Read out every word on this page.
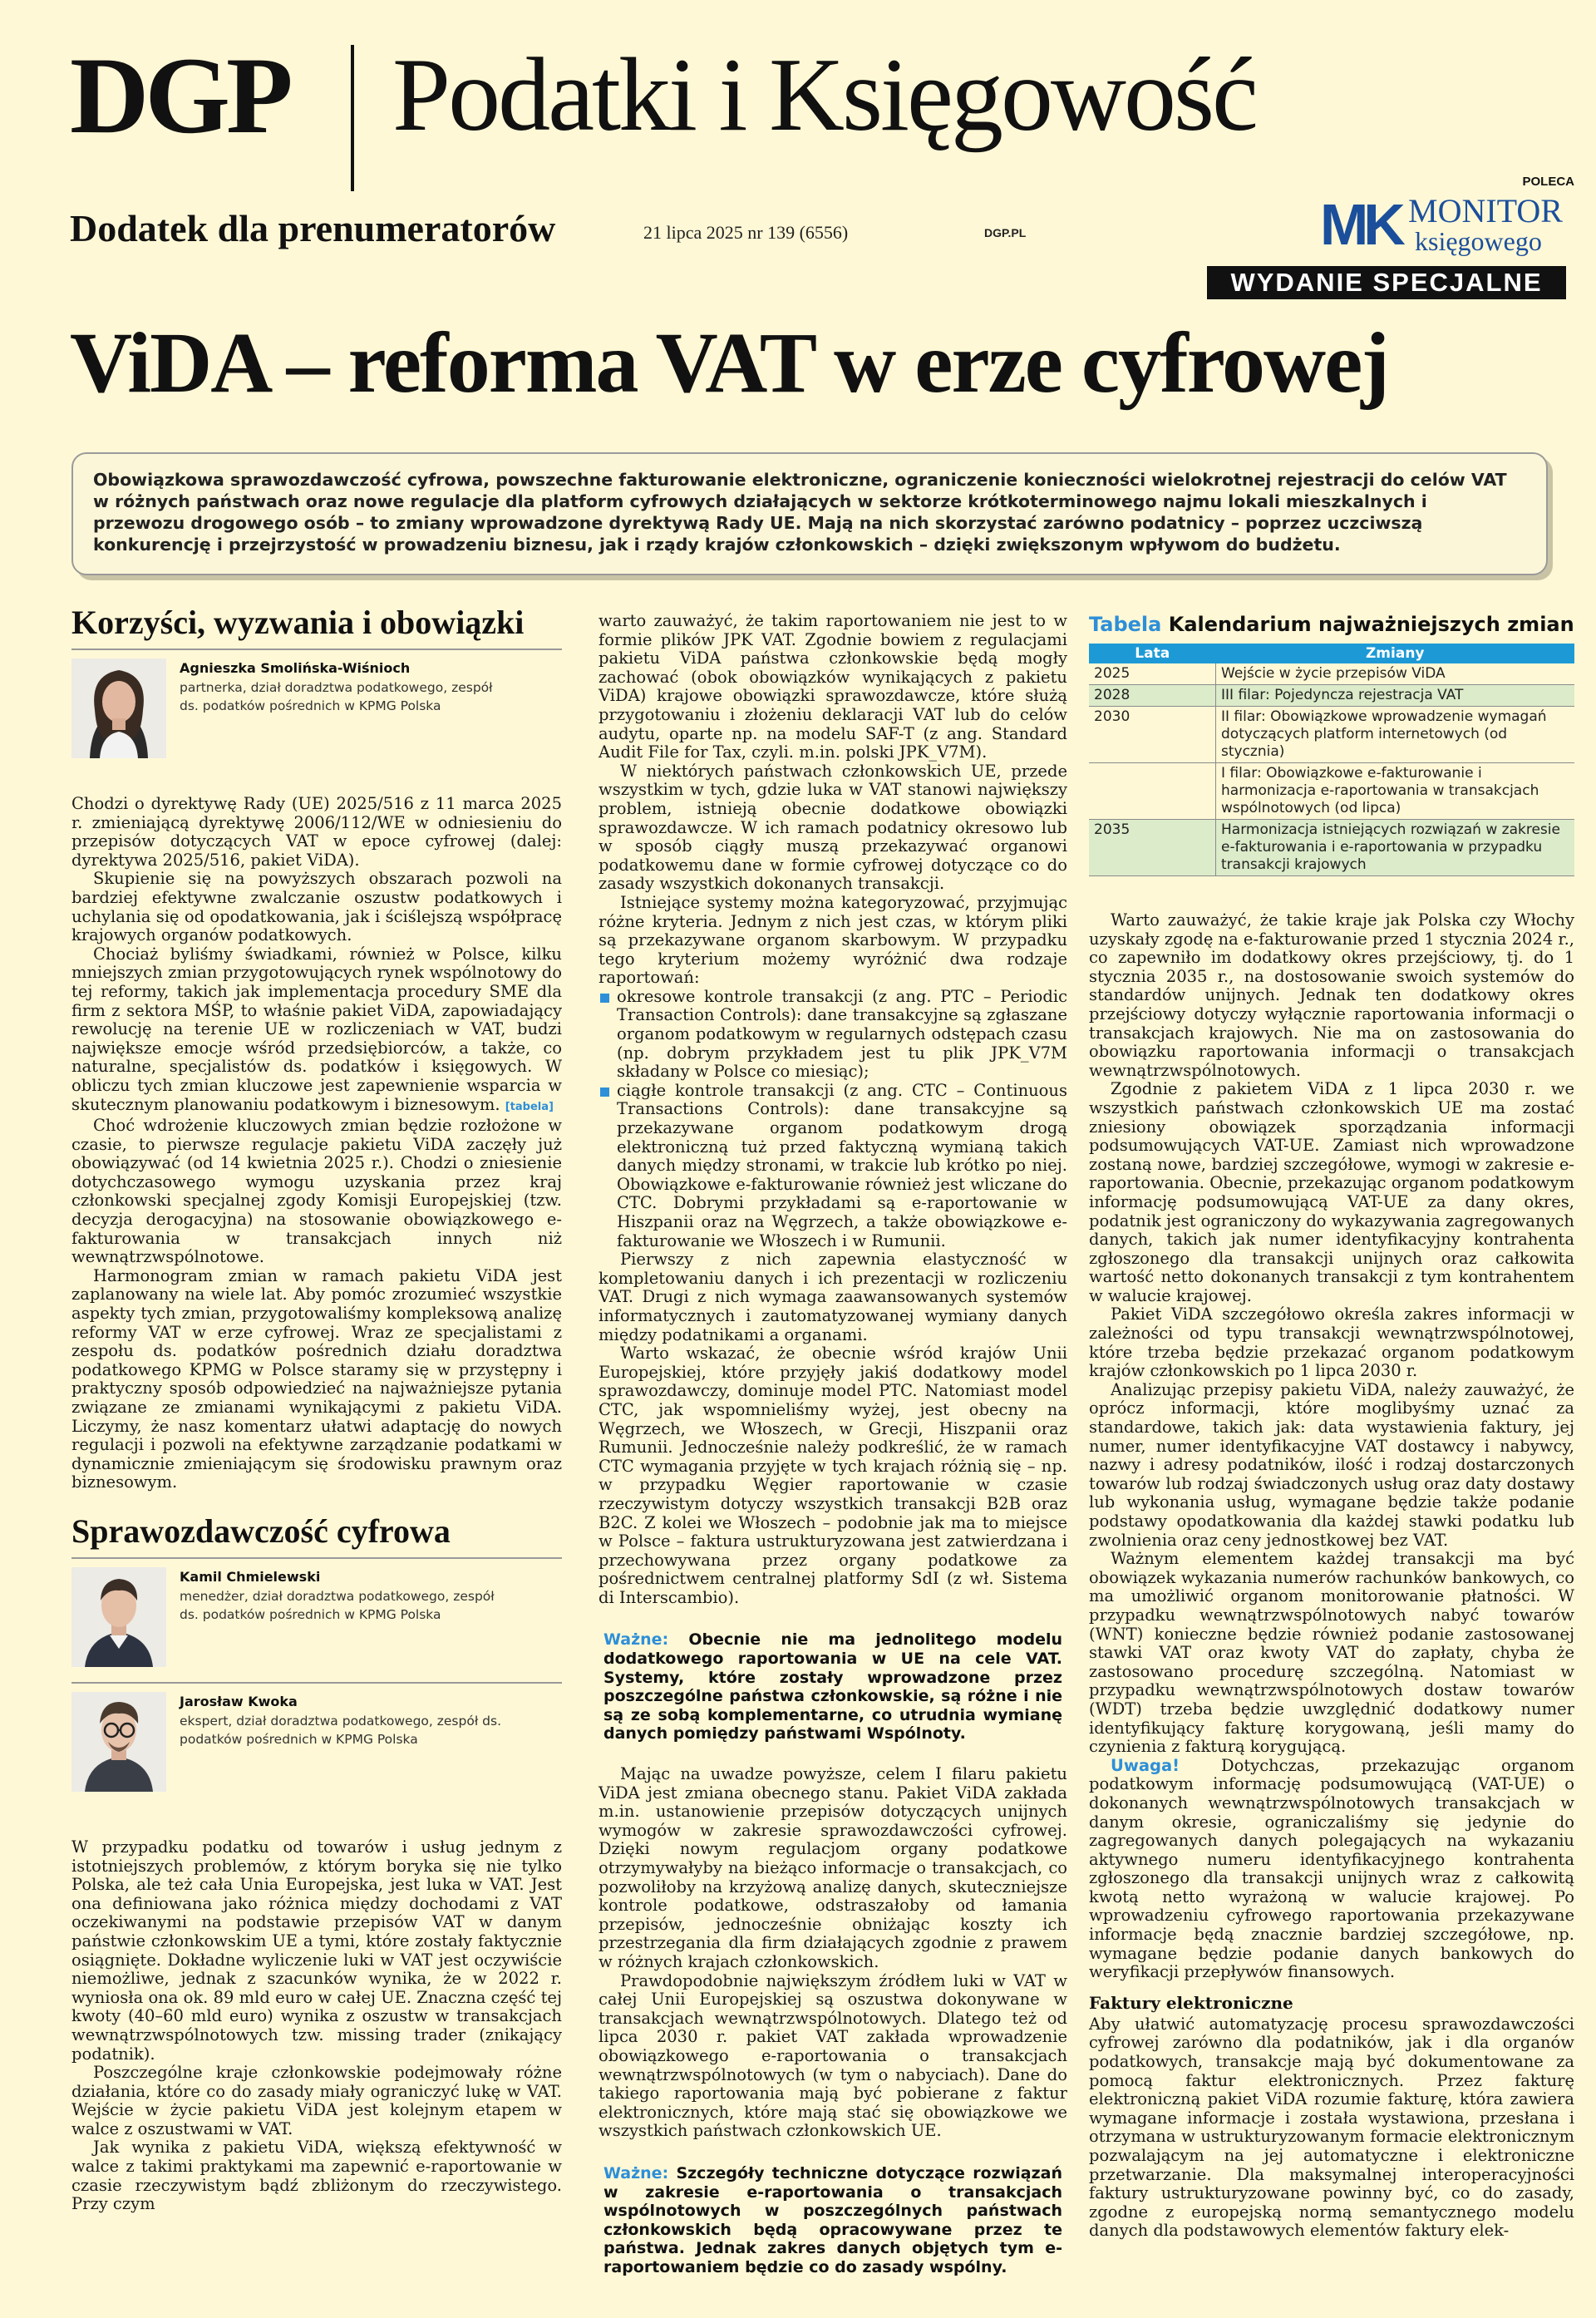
DGP Podatki i Księgowość
Dodatek dla prenumeratorów	21 lipca 2025 nr 139 (6556)	DGP.PL
POLECA
MK MONITOR
księgowego
WYDANIE SPECJALNE
ViDA – reforma VAT w erze cyfrowej

Obowiązkowa sprawozdawczość cyfrowa, powszechne fakturowanie elektroniczne, ograniczenie konieczności wielokrotnej rejestracji do celów VAT w różnych państwach oraz nowe regulacje dla platform cyfrowych działających w sektorze krótkoterminowego najmu lokali mieszkalnych i przewozu drogowego osób – to zmiany wprowadzone dyrektywą Rady UE. Mają na nich skorzystać zarówno podatnicy – poprzez uczciwszą konkurencję i przejrzystość w prowadzeniu biznesu, jak i rządy krajów członkowskich – dzięki zwiększonym wpływom do budżetu.

Korzyści, wyzwania i obowiązki
Agnieszka Smolińska-Wiśnioch
partnerka, dział doradztwa podatkowego, zespół ds. podatków pośrednich w KPMG Polska

Chodzi o dyrektywę Rady (UE) 2025/516 z 11 marca 2025 r. zmieniającą dyrektywę 2006/112/WE w odniesieniu do przepisów dotyczących VAT w epoce cyfrowej (dalej: dyrektywa 2025/516, pakiet ViDA).

Skupienie się na powyższych obszarach pozwoli na bardziej efektywne zwalczanie oszustw podatkowych i uchylania się od opodatkowania, jak i ściślejszą współpracę krajowych organów podatkowych.

Chociaż byliśmy świadkami, również w Polsce, kilku mniejszych zmian przygotowujących rynek wspólnotowy do tej reformy, takich jak implementacja procedury SME dla firm z sektora MŚP, to właśnie pakiet ViDA, zapowiadający rewolucję na terenie UE w rozliczeniach w VAT, budzi największe emocje wśród przedsiębiorców, a także, co naturalne, specjalistów ds. podatków i księgowych. W obliczu tych zmian kluczowe jest zapewnienie wsparcia w skutecznym planowaniu podatkowym i biznesowym. [tabela]

Choć wdrożenie kluczowych zmian będzie rozłożone w czasie, to pierwsze regulacje pakietu ViDA zaczęły już obowiązywać (od 14 kwietnia 2025 r.). Chodzi o zniesienie dotychczasowego wymogu uzyskania przez kraj członkowski specjalnej zgody Komisji Europejskiej (tzw. decyzja derogacyjna) na stosowanie obowiązkowego e-fakturowania w transakcjach innych niż wewnątrzwspólnotowe.

Harmonogram zmian w ramach pakietu ViDA jest zaplanowany na wiele lat. Aby pomóc zrozumieć wszystkie aspekty tych zmian, przygotowaliśmy kompleksową analizę reformy VAT w erze cyfrowej. Wraz ze specjalistami z zespołu ds. podatków pośrednich działu doradztwa podatkowego KPMG w Polsce staramy się w przystępny i praktyczny sposób odpowiedzieć na najważniejsze pytania związane ze zmianami wynikającymi z pakietu ViDA. Liczymy, że nasz komentarz ułatwi adaptację do nowych regulacji i pozwoli na efektywne zarządzanie podatkami w dynamicznie zmieniającym się środowisku prawnym oraz biznesowym.

Sprawozdawczość cyfrowa
Kamil Chmielewski
menedżer, dział doradztwa podatkowego, zespół ds. podatków pośrednich w KPMG Polska
Jarosław Kwoka
ekspert, dział doradztwa podatkowego, zespół ds. podatków pośrednich w KPMG Polska

W przypadku podatku od towarów i usług jednym z istotniejszych problemów, z którym boryka się nie tylko Polska, ale też cała Unia Europejska, jest luka w VAT. Jest ona definiowana jako różnica między dochodami z VAT oczekiwanymi na podstawie przepisów VAT w danym państwie członkowskim UE a tymi, które zostały faktycznie osiągnięte. Dokładne wyliczenie luki w VAT jest oczywiście niemożliwe, jednak z szacunków wynika, że w 2022 r. wyniosła ona ok. 89 mld euro w całej UE. Znaczna część tej kwoty (40–60 mld euro) wynika z oszustw w transakcjach wewnątrzwspólnotowych tzw. missing trader (znikający podatnik).

Poszczególne kraje członkowskie podejmowały różne działania, które co do zasady miały ograniczyć lukę w VAT. Wejście w życie pakietu ViDA jest kolejnym etapem w walce z oszustwami w VAT.

Jak wynika z pakietu ViDA, większą efektywność w walce z takimi praktykami ma zapewnić e-raportowanie w czasie rzeczywistym bądź zbliżonym do rzeczywistego. Przy czym

warto zauważyć, że takim raportowaniem nie jest to w formie plików JPK VAT. Zgodnie bowiem z regulacjami pakietu ViDA państwa członkowskie będą mogły zachować (obok obowiązków wynikających z pakietu ViDA) krajowe obowiązki sprawozdawcze, które służą przygotowaniu i złożeniu deklaracji VAT lub do celów audytu, oparte np. na modelu SAF-T (z ang. Standard Audit File for Tax, czyli. m.in. polski JPK_V7M).

W niektórych państwach członkowskich UE, przede wszystkim w tych, gdzie luka w VAT stanowi największy problem, istnieją obecnie dodatkowe obowiązki sprawozdawcze. W ich ramach podatnicy okresowo lub w sposób ciągły muszą przekazywać organowi podatkowemu dane w formie cyfrowej dotyczące co do zasady wszystkich dokonanych transakcji.

Istniejące systemy można kategoryzować, przyjmując różne kryteria. Jednym z nich jest czas, w którym pliki są przekazywane organom skarbowym. W przypadku tego kryterium możemy wyróżnić dwa rodzaje raportowań:

okresowe kontrole transakcji (z ang. PTC – Periodic Transaction Controls): dane transakcyjne są zgłaszane organom podatkowym w regularnych odstępach czasu (np. dobrym przykładem jest tu plik JPK_V7M składany w Polsce co miesiąc);
ciągłe kontrole transakcji (z ang. CTC – Continuous Transactions Controls): dane transakcyjne są przekazywane organom podatkowym drogą elektroniczną tuż przed faktyczną wymianą takich danych między stronami, w trakcie lub krótko po niej. Obowiązkowe e-fakturowanie również jest wliczane do CTC. Dobrymi przykładami są e-raportowanie w Hiszpanii oraz na Węgrzech, a także obowiązkowe e-fakturowanie we Włoszech i w Rumunii.

Pierwszy z nich zapewnia elastyczność w kompletowaniu danych i ich prezentacji w rozliczeniu VAT. Drugi z nich wymaga zaawansowanych systemów informatycznych i zautomatyzowanej wymiany danych między podatnikami a organami.

Warto wskazać, że obecnie wśród krajów Unii Europejskiej, które przyjęły jakiś dodatkowy model sprawozdawczy, dominuje model PTC. Natomiast model CTC, jak wspomnieliśmy wyżej, jest obecny na Węgrzech, we Włoszech, w Grecji, Hiszpanii oraz Rumunii. Jednocześnie należy podkreślić, że w ramach CTC wymagania przyjęte w tych krajach różnią się – np. w przypadku Węgier raportowanie w czasie rzeczywistym dotyczy wszystkich transakcji B2B oraz B2C. Z kolei we Włoszech – podobnie jak ma to miejsce w Polsce – faktura ustrukturyzowana jest zatwierdzana i przechowywana przez organy podatkowe za pośrednictwem centralnej platformy SdI (z wł. Sistema di Interscambio).

Ważne: Obecnie nie ma jednolitego modelu dodatkowego raportowania w UE na cele VAT. Systemy, które zostały wprowadzone przez poszczególne państwa członkowskie, są różne i nie są ze sobą komplementarne, co utrudnia wymianę danych pomiędzy państwami Wspólnoty.

Mając na uwadze powyższe, celem I filaru pakietu ViDA jest zmiana obecnego stanu. Pakiet ViDA zakłada m.in. ustanowienie przepisów dotyczących unijnych wymogów w zakresie sprawozdawczości cyfrowej. Dzięki nowym regulacjom organy podatkowe otrzymywałyby na bieżąco informacje o transakcjach, co pozwoliłoby na krzyżową analizę danych, skuteczniejsze kontrole podatkowe, odstraszałoby od łamania przepisów, jednocześnie obniżając koszty ich przestrzegania dla firm działających zgodnie z prawem w różnych krajach członkowskich.

Prawdopodobnie największym źródłem luki w VAT w całej Unii Europejskiej są oszustwa dokonywane w transakcjach wewnątrzwspólnotowych. Dlatego też od lipca 2030 r. pakiet VAT zakłada wprowadzenie obowiązkowego e-raportowania o transakcjach wewnątrzwspólnotowych (w tym o nabyciach). Dane do takiego raportowania mają być pobierane z faktur elektronicznych, które mają stać się obowiązkowe we wszystkich państwach członkowskich UE.

Ważne: Szczegóły techniczne dotyczące rozwiązań w zakresie e-raportowania o transakcjach wspólnotowych w poszczególnych państwach członkowskich będą opracowywane przez te państwa. Jednak zakres danych objętych tym e-raportowaniem będzie co do zasady wspólny.
Tabela Kalendarium najważniejszych zmian
Lata	Zmiany
2025	Wejście w życie przepisów ViDA
2028	III filar: Pojedyncza rejestracja VAT
2030	II filar: Obowiązkowe wprowadzenie wymagań dotyczących platform internetowych (od stycznia)
	I filar: Obowiązkowe e-fakturowanie i harmonizacja e-raportowania w transakcjach wspólnotowych (od lipca)
2035	Harmonizacja istniejących rozwiązań w zakresie e-fakturowania i e-raportowania w przypadku transakcji krajowych

Warto zauważyć, że takie kraje jak Polska czy Włochy uzyskały zgodę na e-fakturowanie przed 1 stycznia 2024 r., co zapewniło im dodatkowy okres przejściowy, tj. do 1 stycznia 2035 r., na dostosowanie swoich systemów do standardów unijnych. Jednak ten dodatkowy okres przejściowy dotyczy wyłącznie raportowania informacji o transakcjach krajowych. Nie ma on zastosowania do obowiązku raportowania informacji o transakcjach wewnątrzwspólnotowych.

Zgodnie z pakietem ViDA z 1 lipca 2030 r. we wszystkich państwach członkowskich UE ma zostać zniesiony obowiązek sporządzania informacji podsumowujących VAT-UE. Zamiast nich wprowadzone zostaną nowe, bardziej szczegółowe, wymogi w zakresie e-raportowania. Obecnie, przekazując organom podatkowym informację podsumowującą VAT-UE za dany okres, podatnik jest ograniczony do wykazywania zagregowanych danych, takich jak numer identyfikacyjny kontrahenta zgłoszonego dla transakcji unijnych oraz całkowita wartość netto dokonanych transakcji z tym kontrahentem w walucie krajowej.

Pakiet ViDA szczegółowo określa zakres informacji w zależności od typu transakcji wewnątrzwspólnotowej, które trzeba będzie przekazać organom podatkowym krajów członkowskich po 1 lipca 2030 r.

Analizując przepisy pakietu ViDA, należy zauważyć, że oprócz informacji, które moglibyśmy uznać za standardowe, takich jak: data wystawienia faktury, jej numer, numer identyfikacyjne VAT dostawcy i nabywcy, nazwy i adresy podatników, ilość i rodzaj dostarczonych towarów lub rodzaj świadczonych usług oraz daty dostawy lub wykonania usług, wymagane będzie także podanie podstawy opodatkowania dla każdej stawki podatku lub zwolnienia oraz ceny jednostkowej bez VAT.

Ważnym elementem każdej transakcji ma być obowiązek wykazania numerów rachunków bankowych, co ma umożliwić organom monitorowanie płatności. W przypadku wewnątrzwspólnotowych nabyć towarów (WNT) konieczne będzie również podanie zastosowanej stawki VAT oraz kwoty VAT do zapłaty, chyba że zastosowano procedurę szczególną. Natomiast w przypadku wewnątrzwspólnotowych dostaw towarów (WDT) trzeba będzie uwzględnić dodatkowy numer identyfikujący fakturę korygowaną, jeśli mamy do czynienia z fakturą korygującą.

Uwaga!	Dotychczas, przekazując organom podatkowym informację podsumowującą (VAT-UE) o dokonanych wewnątrzwspólnotowych transakcjach w danym okresie, ograniczaliśmy się jedynie do zagregowanych danych polegających na wykazaniu aktywnego numeru identyfikacyjnego kontrahenta zgłoszonego dla transakcji unijnych wraz z całkowitą kwotą netto wyrażoną w walucie krajowej. Po wprowadzeniu cyfrowego raportowania przekazywane informacje będą znacznie bardziej szczegółowe, np. wymagane będzie podanie danych bankowych do weryfikacji przepływów finansowych.

Faktury elektroniczne

Aby ułatwić automatyzację procesu sprawozdawczości cyfrowej zarówno dla podatników, jak i dla organów podatkowych, transakcje mają być dokumentowane za pomocą faktur elektronicznych. Przez fakturę elektroniczną pakiet ViDA rozumie fakturę, która zawiera wymagane informacje i została wystawiona, przesłana i otrzymana w ustrukturyzowanym formacie elektronicznym pozwalającym na jej automatyczne i elektroniczne przetwarzanie. Dla maksymalnej interoperacyjności faktury ustrukturyzowane powinny być, co do zasady, zgodne z europejską normą semantycznego modelu danych dla podstawowych elementów faktury elek-
